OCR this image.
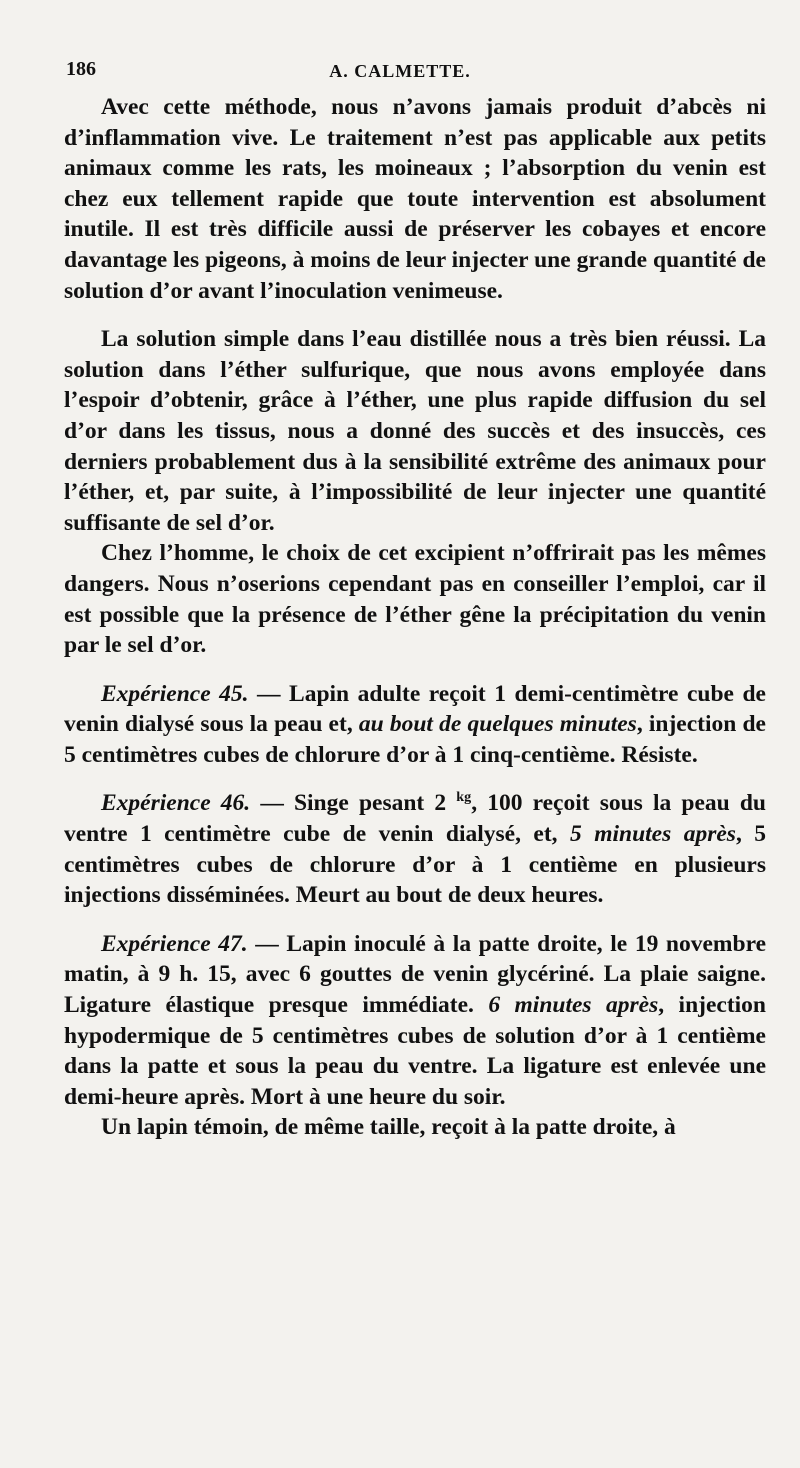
186	A. CALMETTE.

Avec cette méthode, nous n’avons jamais produit d’abcès ni d’inflammation vive. Le traitement n’est pas applicable aux petits animaux comme les rats, les moineaux ; l’absorption du venin est chez eux tellement rapide que toute intervention est absolument inutile. Il est très difficile aussi de préserver les cobayes et encore davantage les pigeons, à moins de leur injecter une grande quantité de solution d’or avant l’inoculation venimeuse.

La solution simple dans l’eau distillée nous a très bien réussi. La solution dans l’éther sulfurique, que nous avons employée dans l’espoir d’obtenir, grâce à l’éther, une plus rapide diffusion du sel d’or dans les tissus, nous a donné des succès et des insuccès, ces derniers probablement dus à la sensibilité extrême des animaux pour l’éther, et, par suite, à l’impossibilité de leur injecter une quantité suffisante de sel d’or.

Chez l’homme, le choix de cet excipient n’offrirait pas les mêmes dangers. Nous n’oserions cependant pas en conseiller l’emploi, car il est possible que la présence de l’éther gêne la précipitation du venin par le sel d’or.

Expérience 45. — Lapin adulte reçoit 1 demi-centimètre cube de venin dialysé sous la peau et, au bout de quelques minutes, injection de 5 centimètres cubes de chlorure d’or à 1 cinq-centième. Résiste.

Expérience 46. — Singe pesant 2 $^{kg}$, 100 reçoit sous la peau du ventre 1 centimètre cube de venin dialysé, et, 5 minutes après, 5 centimètres cubes de chlorure d’or à 1 centième en plusieurs injections disséminées. Meurt au bout de deux heures.

Expérience 47. — Lapin inoculé à la patte droite, le 19 novembre matin, à 9 h. 15, avec 6 gouttes de venin glycériné. La plaie saigne. Ligature élastique presque immédiate. 6 minutes après, injection hypodermique de 5 centimètres cubes de solution d’or à 1 centième dans la patte et sous la peau du ventre. La ligature est enlevée une demi-heure après. Mort à une heure du soir.

Un lapin témoin, de même taille, reçoit à la patte droite, à
